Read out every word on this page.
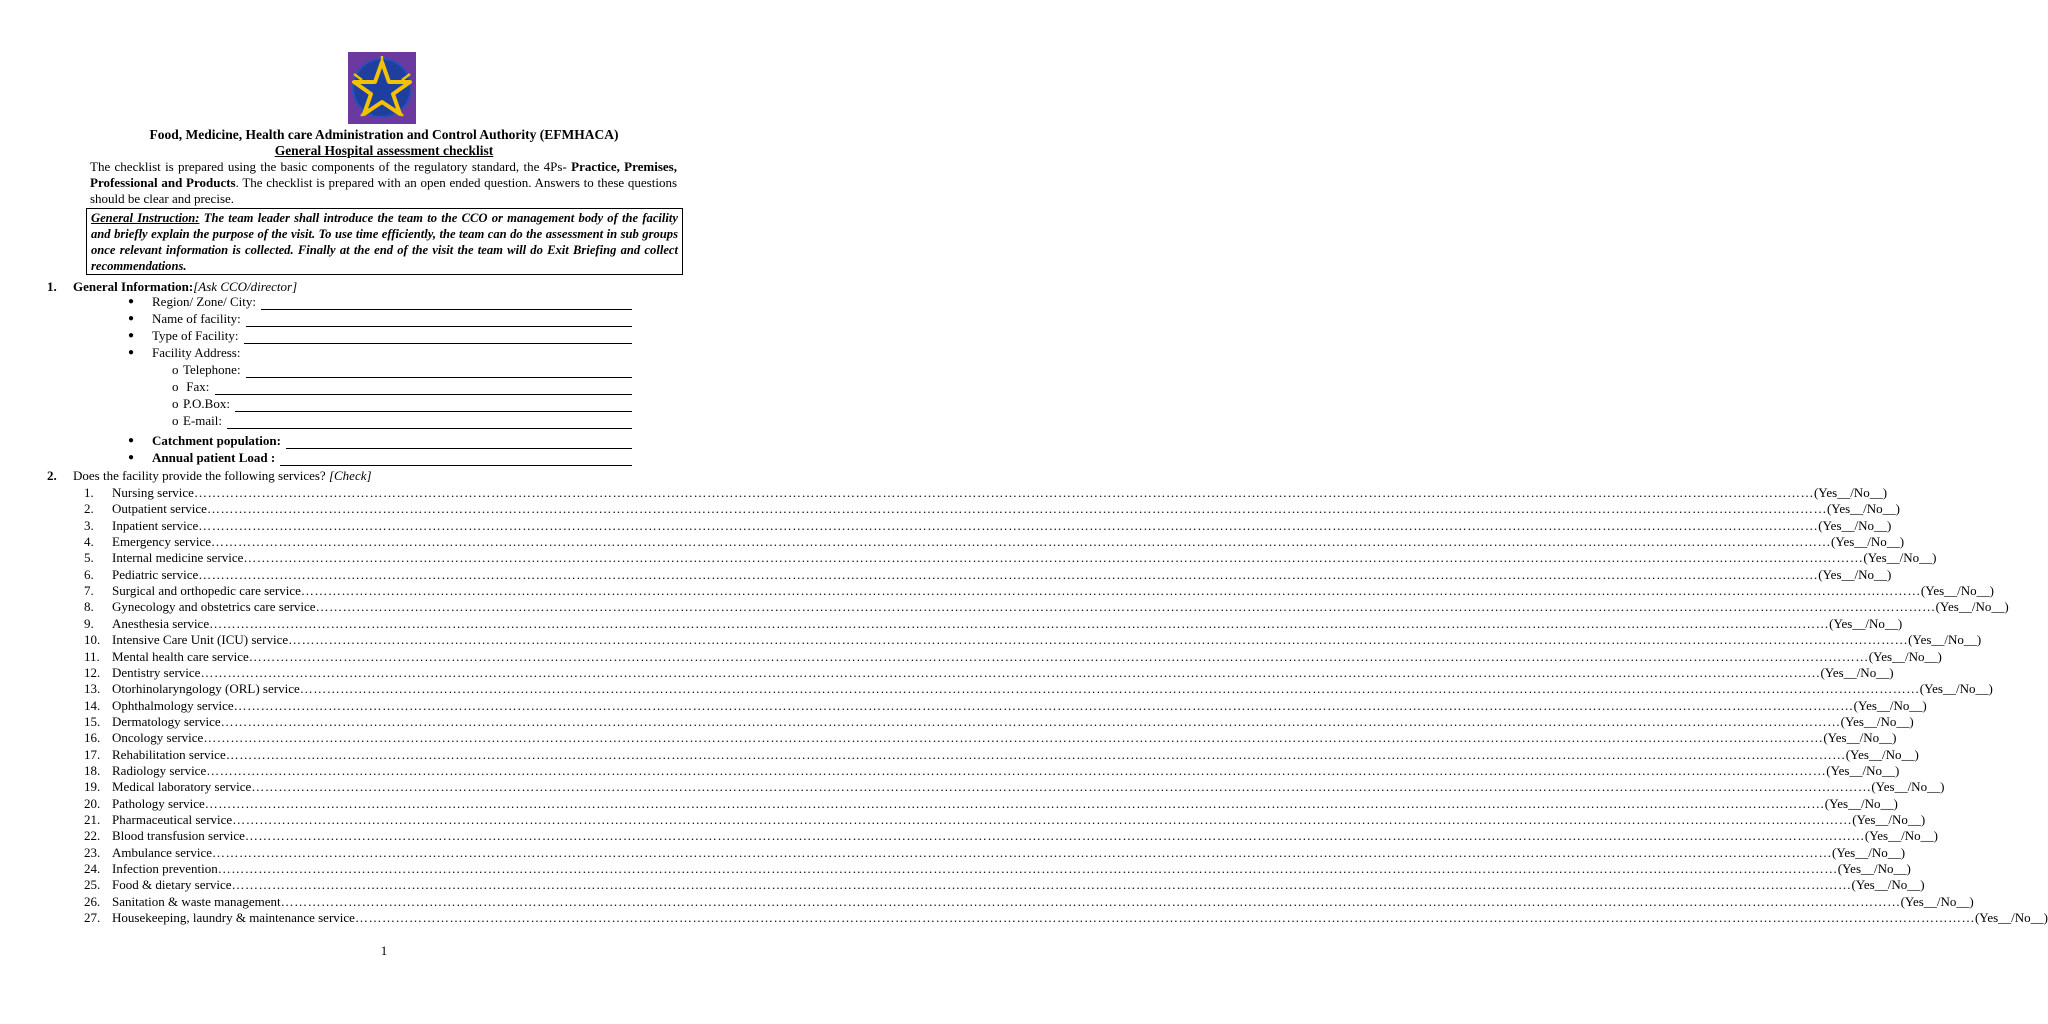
Food, Medicine, Health care Administration and Control Authority (EFMHACA)
General Hospital assessment checklist
The checklist is prepared using the basic components of the regulatory standard, the 4Ps- Practice, Premises, Professional and Products. The checklist is prepared with an open ended question. Answers to these questions should be clear and precise.
General Instruction: The team leader shall introduce the team to the CCO or management body of the facility and briefly explain the purpose of the visit. To use time efficiently, the team can do the assessment in sub groups once relevant information is collected. Finally at the end of the visit the team will do Exit Briefing and collect recommendations.
1. General Information:[Ask CCO/director]
●	Region/ Zone/ City:
●	Name of facility:
●	Type of Facility:
●	Facility Address:
o Telephone:
o Fax:
o P.O.Box:
o E-mail:
●	Catchment population:
●	Annual patient Load :
2. Does the facility provide the following services? [Check]
1.	Nursing service ……………………………………………………………………………………………………………………………………………………………………………………………………………………………………………………………………………………………………………………………… (Yes__/No__)
2.	Outpatient service ……………………………………………………………………………………………………………………………………………………………………………………………………………………………………………………………………………………………………………………………… (Yes__/No__)
3.	Inpatient service ……………………………………………………………………………………………………………………………………………………………………………………………………………………………………………………………………………………………………………………………… (Yes__/No__)
4.	Emergency service ……………………………………………………………………………………………………………………………………………………………………………………………………………………………………………………………………………………………………………………………… (Yes__/No__)
5.	Internal medicine service ……………………………………………………………………………………………………………………………………………………………………………………………………………………………………………………………………………………………………………………………… (Yes__/No__)
6.	Pediatric service ……………………………………………………………………………………………………………………………………………………………………………………………………………………………………………………………………………………………………………………………… (Yes__/No__)
7.	Surgical and orthopedic care service ……………………………………………………………………………………………………………………………………………………………………………………………………………………………………………………………………………………………………………………………… (Yes__/No__)
8.	Gynecology and obstetrics care service ……………………………………………………………………………………………………………………………………………………………………………………………………………………………………………………………………………………………………………………………… (Yes__/No__)
9.	Anesthesia service ……………………………………………………………………………………………………………………………………………………………………………………………………………………………………………………………………………………………………………………………… (Yes__/No__)
10. Intensive Care Unit (ICU) service ……………………………………………………………………………………………………………………………………………………………………………………………………………………………………………………………………………………………………………………………… (Yes__/No__)
11. Mental health care service ……………………………………………………………………………………………………………………………………………………………………………………………………………………………………………………………………………………………………………………………… (Yes__/No__)
12. Dentistry service ……………………………………………………………………………………………………………………………………………………………………………………………………………………………………………………………………………………………………………………………… (Yes__/No__)
13. Otorhinolaryngology (ORL) service ……………………………………………………………………………………………………………………………………………………………………………………………………………………………………………………………………………………………………………………………… (Yes__/No__)
14. Ophthalmology service ……………………………………………………………………………………………………………………………………………………………………………………………………………………………………………………………………………………………………………………………… (Yes__/No__)
15. Dermatology service ……………………………………………………………………………………………………………………………………………………………………………………………………………………………………………………………………………………………………………………………… (Yes__/No__)
16. Oncology service ……………………………………………………………………………………………………………………………………………………………………………………………………………………………………………………………………………………………………………………………… (Yes__/No__)
17. Rehabilitation service ……………………………………………………………………………………………………………………………………………………………………………………………………………………………………………………………………………………………………………………………… (Yes__/No__)
18. Radiology service ……………………………………………………………………………………………………………………………………………………………………………………………………………………………………………………………………………………………………………………………… (Yes__/No__)
19. Medical laboratory service ……………………………………………………………………………………………………………………………………………………………………………………………………………………………………………………………………………………………………………………………… (Yes__/No__)
20. Pathology service ……………………………………………………………………………………………………………………………………………………………………………………………………………………………………………………………………………………………………………………………… (Yes__/No__)
21. Pharmaceutical service ……………………………………………………………………………………………………………………………………………………………………………………………………………………………………………………………………………………………………………………………… (Yes__/No__)
22. Blood transfusion service ……………………………………………………………………………………………………………………………………………………………………………………………………………………………………………………………………………………………………………………………… (Yes__/No__)
23. Ambulance service ……………………………………………………………………………………………………………………………………………………………………………………………………………………………………………………………………………………………………………………………… (Yes__/No__)
24. Infection prevention ……………………………………………………………………………………………………………………………………………………………………………………………………………………………………………………………………………………………………………………………… (Yes__/No__)
25. Food & dietary service ……………………………………………………………………………………………………………………………………………………………………………………………………………………………………………………………………………………………………………………………… (Yes__/No__)
26. Sanitation & waste management ……………………………………………………………………………………………………………………………………………………………………………………………………………………………………………………………………………………………………………………………… (Yes__/No__)
27. Housekeeping, laundry & maintenance service ……………………………………………………………………………………………………………………………………………………………………………………………………………………………………………………………………………………………………………………………… (Yes__/No__)
1
